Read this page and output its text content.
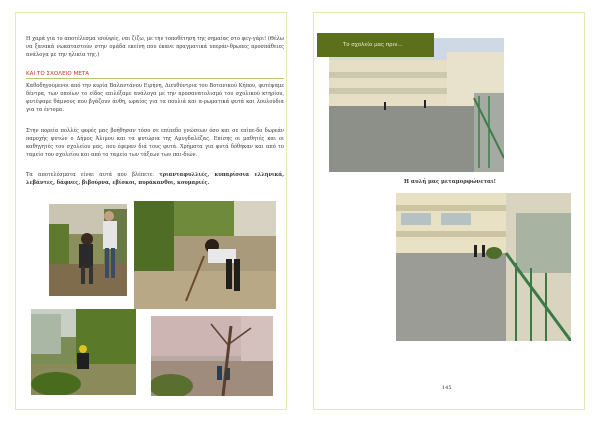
Η χαρά για το αποτέλεσμα ισοϋψές, ναι ζίζω, με την τοποθέτηση της σημαίας στο φεγ-γάρι! (Θέλω να ξανακά νωκαταστούν στην ομάδα εκείνη που έκανε πραγματικά υπεράν-θρωπες προσπάθειες ανάλογα με την ηλικία της.)

ΚΑΙ ΤΟ ΣΧΟΛΕΙΟ ΜΕΤΑ

Καθοδηγούμενοι από την κυρία Βαλαντάνου Ειρήνη, Διευθύντρια του Βοτανικού Κήπου, φυτέψαμε δέντρα, των οποίων το είδος επιλέξαμε ανάλογα με την προσανατολισμό του σχολικού κτηρίου, φυτέψαμε θάμνους που βγάζουν άνθη, ωραίος για τα πουλιά και α-ρωματικά φυτά και λουλούδια για τα έντομα.

Στην πορεία πολλές φορές μας βοήθησαν τόσο σε επίπεδο γνώσεων όσο και σε επίπε-δο δωρεάν παροχής φυτών ο Δήμος Άλιμου και τα φυτώρια της Αμυγδαλέζας. Επίσης οι μαθητές και οι καθηγητές του σχολείου μας, που έφεραν διά τους φυτά. Χρήματα για φυτά δόθηκαν και από το ταμείο του σχολείου και από το ταμείο των τάξεων των παι-διών.

Τα αποτελέσματα είναι αυτά που βλέπετε: τριανταφυλλιές, κυπαρίσσια ελληνικά, λεβάντες, δάφνες, βιβούρνα, εβίσκοι, πυράκανθοι, κουμαριές.

Το σχολείο μας πριν...
Η αυλή μας μεταμορφώνεται!
145
